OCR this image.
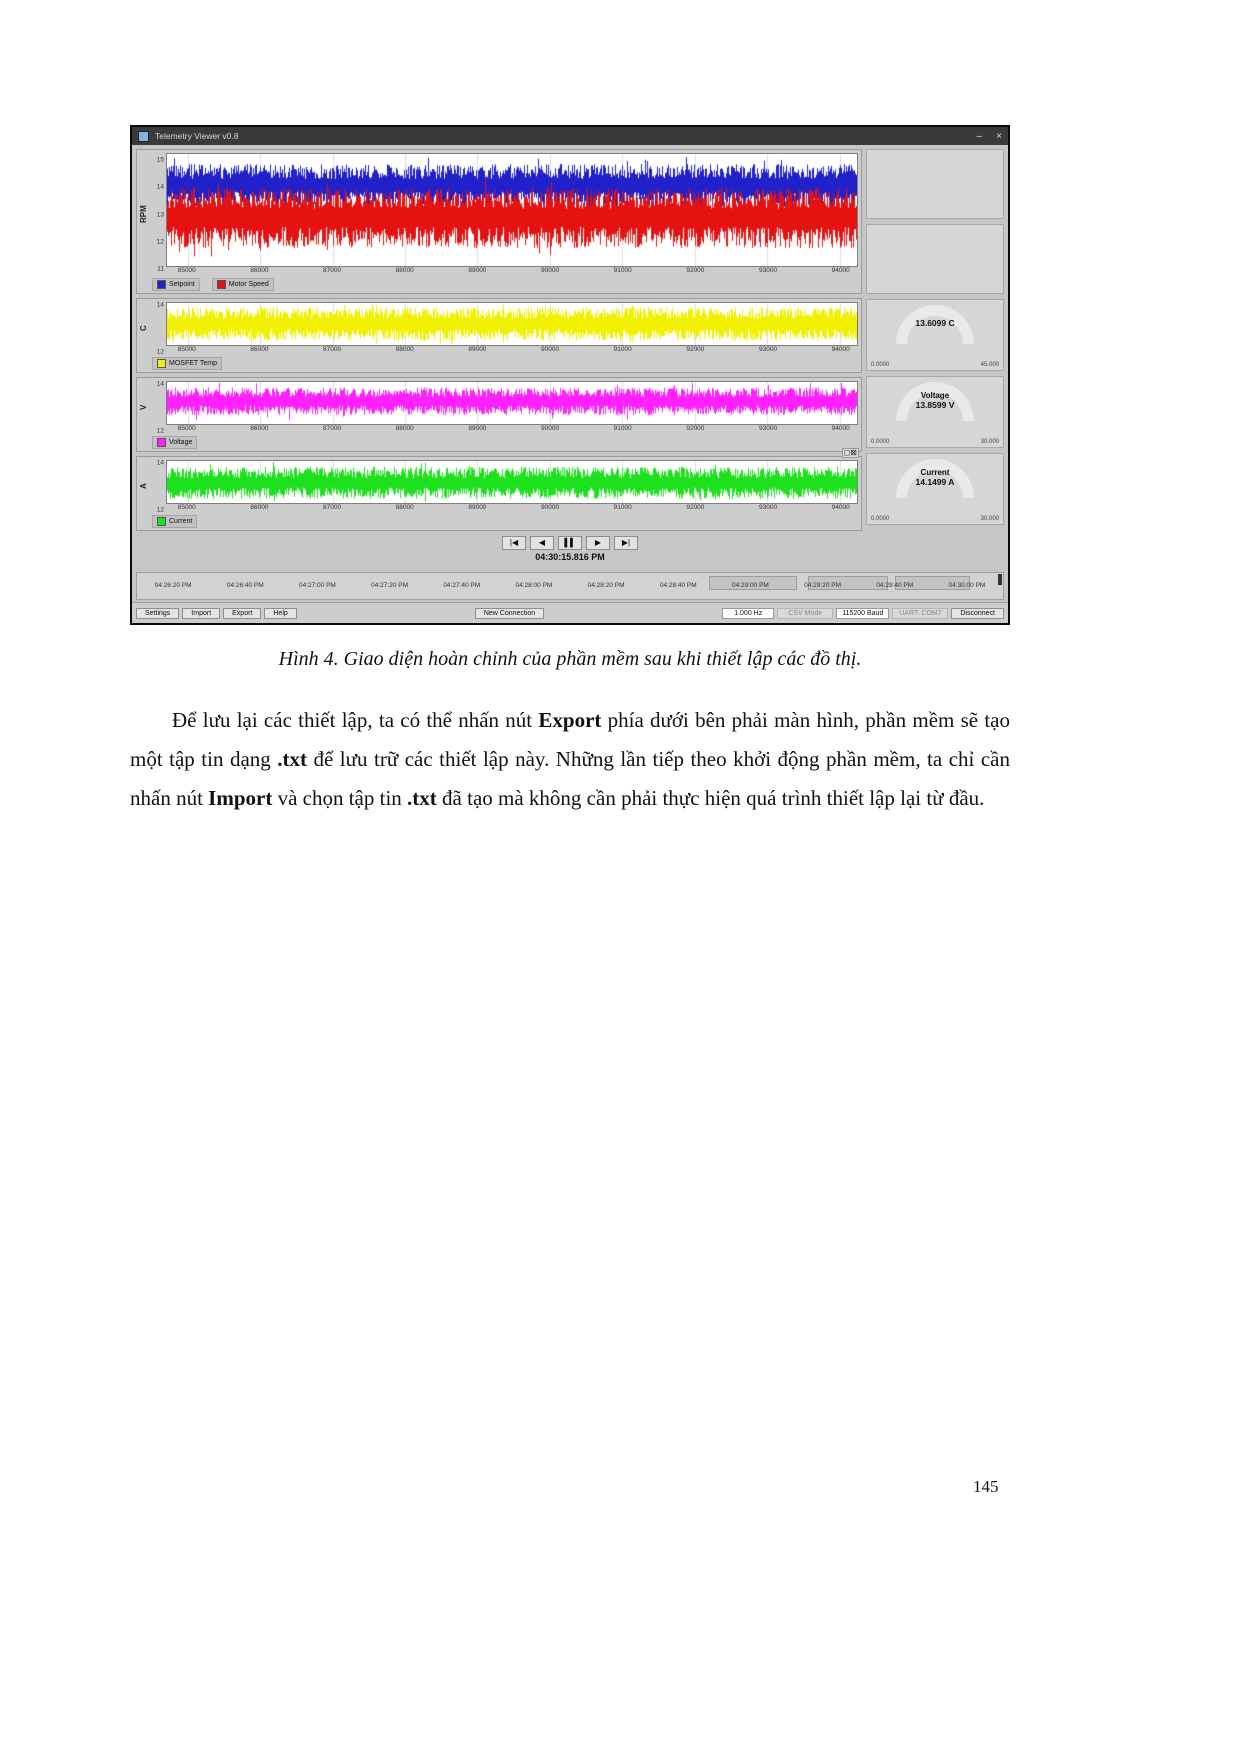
Telemetry Viewer v0.8	– ×
RPM
15
14
13
12
11 85000	86000	87000	88000	89000	90000	91000	92000	93000	94000
Setpoint	Motor Speed
C
14
12 85000	86000	87000	88000	89000	90000	91000	92000	93000	94000
MOSFET Temp
V
14
12 85000	86000	87000	88000	89000	90000	91000	92000	93000	94000
Voltage
◻⊠
A
14
12 85000	86000	87000	88000	89000	90000	91000	92000	93000	94000
Current
13.6099 C
0.0000	45.000
Voltage
13.8599 V
0.0000	30.000
Current
14.1499 A
0.0000	30.000
|◀	◀	▌▌	▶	▶|
04:30:15.816 PM
04:26:20 PM	04:26:40 PM	04:27:00 PM	04:27:20 PM	04:27:40 PM	04:28:00 PM	04:28:20 PM	04:28:40 PM	04:29:00 PM	04:29:20 PM	04:29:40 PM	04:30:00 PM
Settings	Import	Export	Help	New Connection	1.000 Hz	CSV Mode	115200 Baud	UART: COM7	Disconnect
Hình 4. Giao diện hoàn chỉnh của phần mềm sau khi thiết lập các đồ thị.

Để lưu lại các thiết lập, ta có thể nhấn nút Export phía dưới bên phải màn hình, phần mềm sẽ tạo một tập tin dạng .txt để lưu trữ các thiết lập này. Những lần tiếp theo khởi động phần mềm, ta chỉ cần nhấn nút Import và chọn tập tin .txt đã tạo mà không cần phải thực hiện quá trình thiết lập lại từ đầu.

145
